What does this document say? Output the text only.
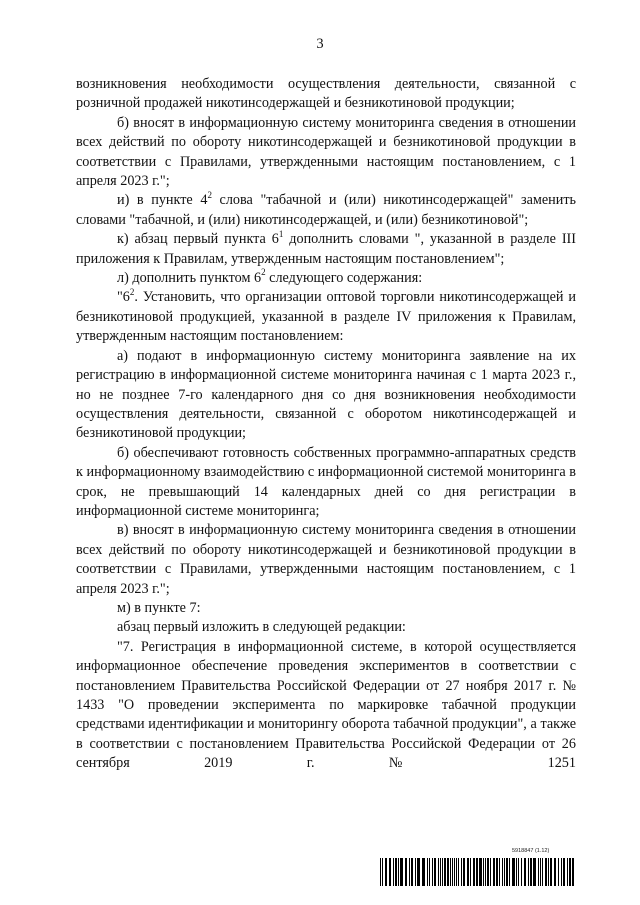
3

возникновения необходимости осуществления деятельности, связанной с розничной продажей никотинсодержащей и безникотиновой продукции;

б) вносят в информационную систему мониторинга сведения в отношении всех действий по обороту никотинсодержащей и безникотиновой продукции в соответствии с Правилами, утвержденными настоящим постановлением, с 1 апреля 2023 г.";

и) в пункте $4^2$ слова "табачной и (или) никотинсодержащей" заменить словами "табачной, и (или) никотинсодержащей, и (или) безникотиновой";

к) абзац первый пункта $6^1$ дополнить словами ", указанной в разделе III приложения к Правилам, утвержденным настоящим постановлением";

л) дополнить пунктом $6^2$ следующего содержания:

"$6^2$. Установить, что организации оптовой торговли никотинсодержащей и безникотиновой продукцией, указанной в разделе IV приложения к Правилам, утвержденным настоящим постановлением:

а) подают в информационную систему мониторинга заявление на их регистрацию в информационной системе мониторинга начиная с 1 марта 2023 г., но не позднее 7-го календарного дня со дня возникновения необходимости осуществления деятельности, связанной с оборотом никотинсодержащей и безникотиновой продукции;

б) обеспечивают готовность собственных программно-аппаратных средств к информационному взаимодействию с информационной системой мониторинга в срок, не превышающий 14 календарных дней со дня регистрации в информационной системе мониторинга;

в) вносят в информационную систему мониторинга сведения в отношении всех действий по обороту никотинсодержащей и безникотиновой продукции в соответствии с Правилами, утвержденными настоящим постановлением, с 1 апреля 2023 г.";

м) в пункте 7:

абзац первый изложить в следующей редакции:

"7. Регистрация в информационной системе, в которой осуществляется информационное обеспечение проведения экспериментов в соответствии с постановлением Правительства Российской Федерации от 27 ноября 2017 г. № 1433 "О проведении эксперимента по маркировке табачной продукции средствами идентификации и мониторингу оборота табачной продукции", а также в соответствии с постановлением Правительства Российской Федерации от 26 сентября 2019 г. № 1251

5918847 (1.12)
